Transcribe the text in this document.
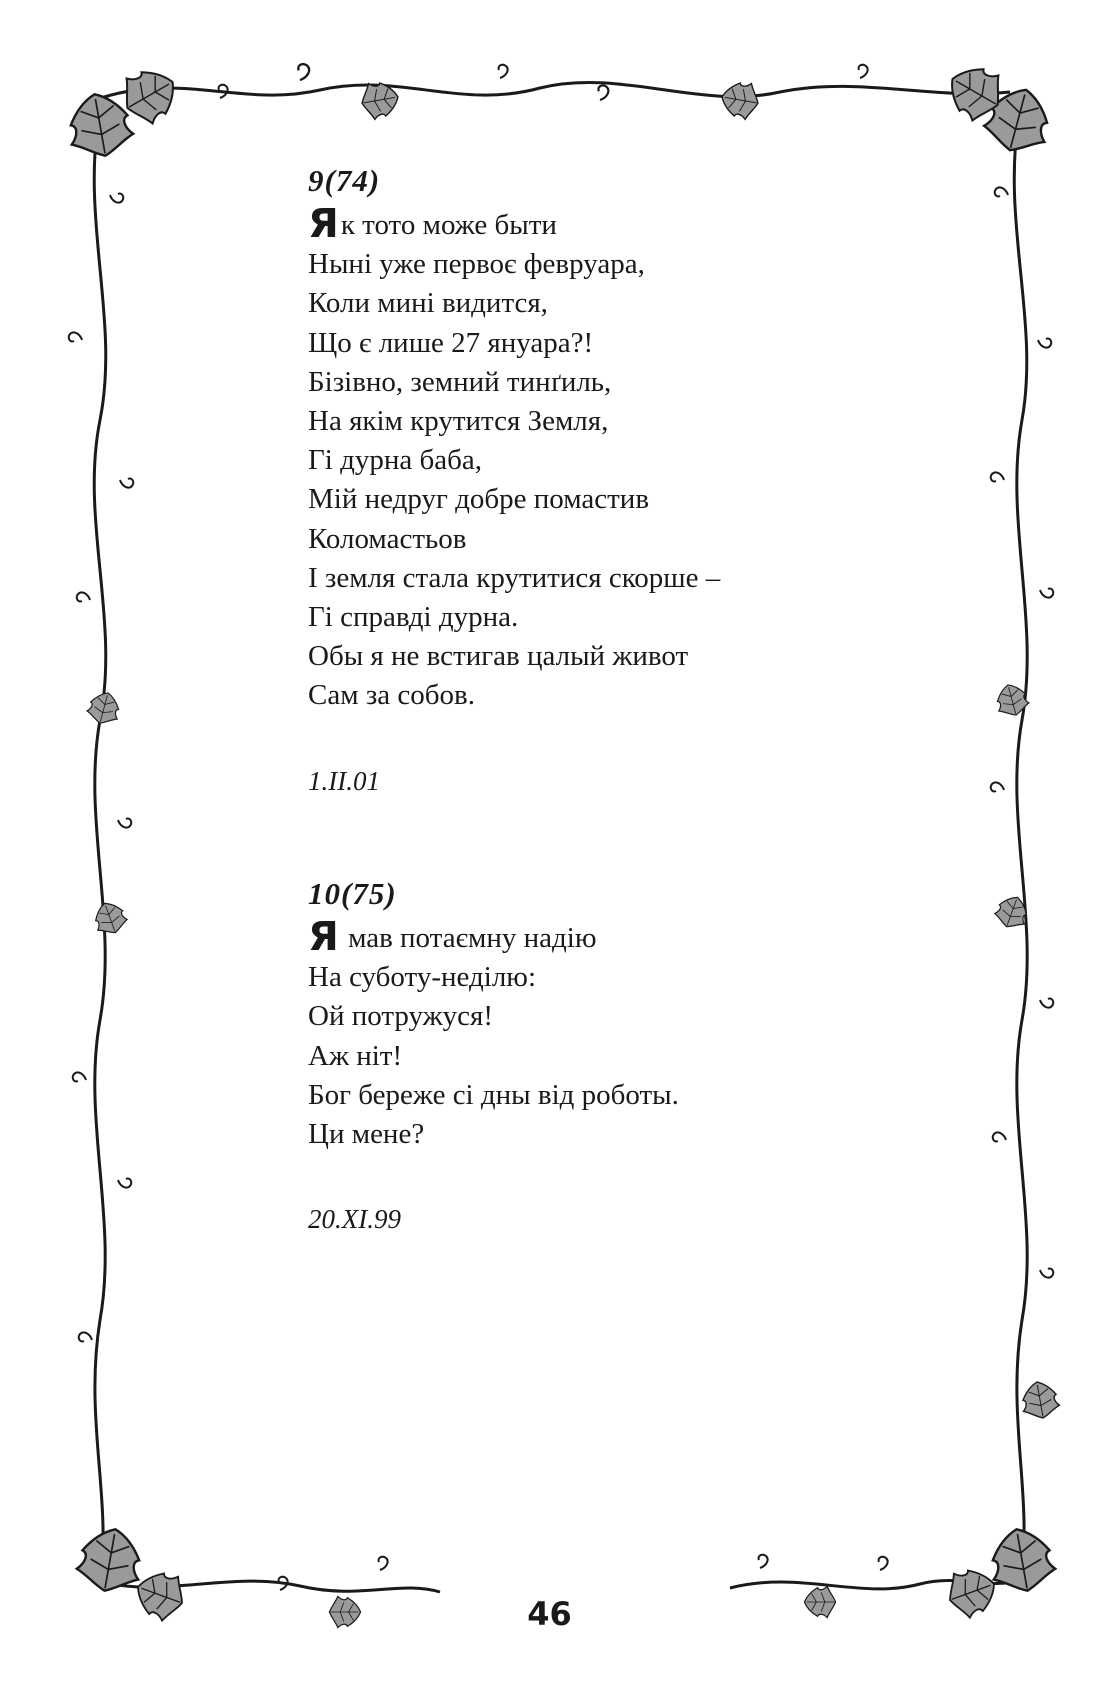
9(74)

Як тото може быти

Ныні уже первоє февруара,

Коли мині видится,

Що є лише 27 януара?!

Бізівно, земний тинґиль,

На якім крутится Земля,

Гі дурна баба,

Мій недруг добре помастив

Коломастьов

І земля стала крутитися скорше –

Гі справді дурна.

Обы я не встигав цалый живот

Сам за собов.

1.II.01
10(75)

Я мав потаємну надію

На суботу-неділю:

Ой потружуся!

Аж ніт!

Бог береже сі дны від роботы.

Ци мене?

20.XI.99
46
